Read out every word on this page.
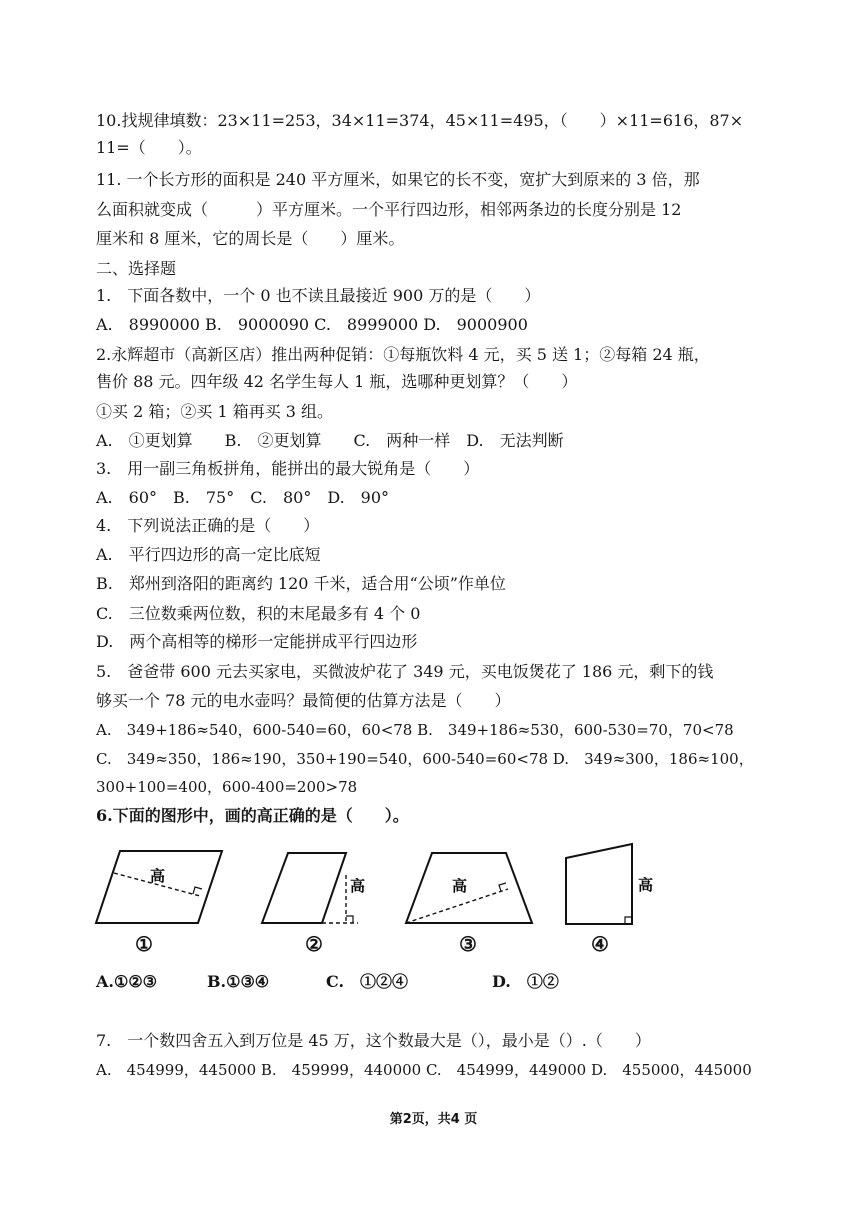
10.找规律填数：23×11=253，34×11=374，45×11=495，（　　）×11=616，87×
11=（　　）。
11. 一个长方形的面积是 240 平方厘米，如果它的长不变，宽扩大到原来的 3 倍，那
么面积就变成（　　　）平方厘米。一个平行四边形，相邻两条边的长度分别是 12
厘米和 8 厘米，它的周长是（　　）厘米。
二、选择题
1.　下面各数中，一个 0 也不读且最接近 900 万的是（　　）
A.　8990000 B.　9000090 C.　8999000 D.　9000900
2.永辉超市（高新区店）推出两种促销：①每瓶饮料 4 元，买 5 送 1；②每箱 24 瓶，
售价 88 元。四年级 42 名学生每人 1 瓶，选哪种更划算？（　　）
①买 2 箱；②买 1 箱再买 3 组。
A.　①更划算　　B.　②更划算　　C.　两种一样　D.　无法判断
3.　用一副三角板拼角，能拼出的最大锐角是（　　）
A.　60°　B.　75°　C.　80°　D.　90°
4.　下列说法正确的是（　　）
A.　平行四边形的高一定比底短
B.　郑州到洛阳的距离约 120 千米，适合用“公顷”作单位
C.　三位数乘两位数，积的末尾最多有 4 个 0
D.　两个高相等的梯形一定能拼成平行四边形
5.　爸爸带 600 元去买家电，买微波炉花了 349 元，买电饭煲花了 186 元，剩下的钱
够买一个 78 元的电水壶吗？最简便的估算方法是（　　）
A.　349+186≈540，600-540=60，60<78 B.　349+186≈530，600-530=70，70<78
C.　349≈350，186≈190，350+190=540，600-540=60<78 D.　349≈300，186≈100，
300+100=400，600-400=200>78
6.下面的图形中，画的高正确的是（　　）。
高
高	高	高
①	②	③	④
A.①②③	B.①③④	C.　①②④	D.　①②
7.　一个数四舍五入到万位是 45 万，这个数最大是（），最小是（）.（　　）
A.　454999，445000 B.　459999，440000 C.　454999，449000 D.　455000，445000
第2页，共4 页
